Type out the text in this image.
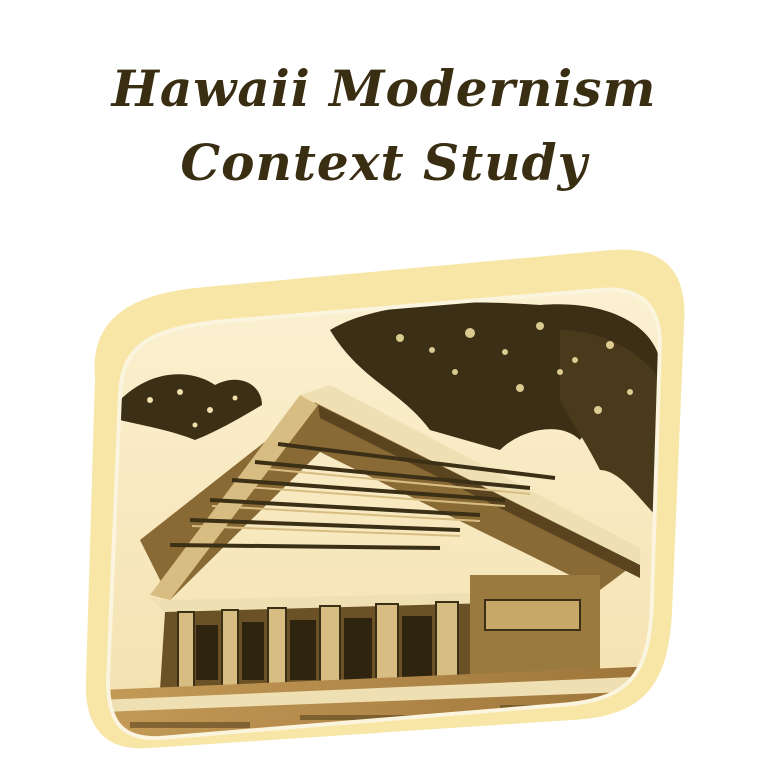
Hawaii Modernism
Context Study
